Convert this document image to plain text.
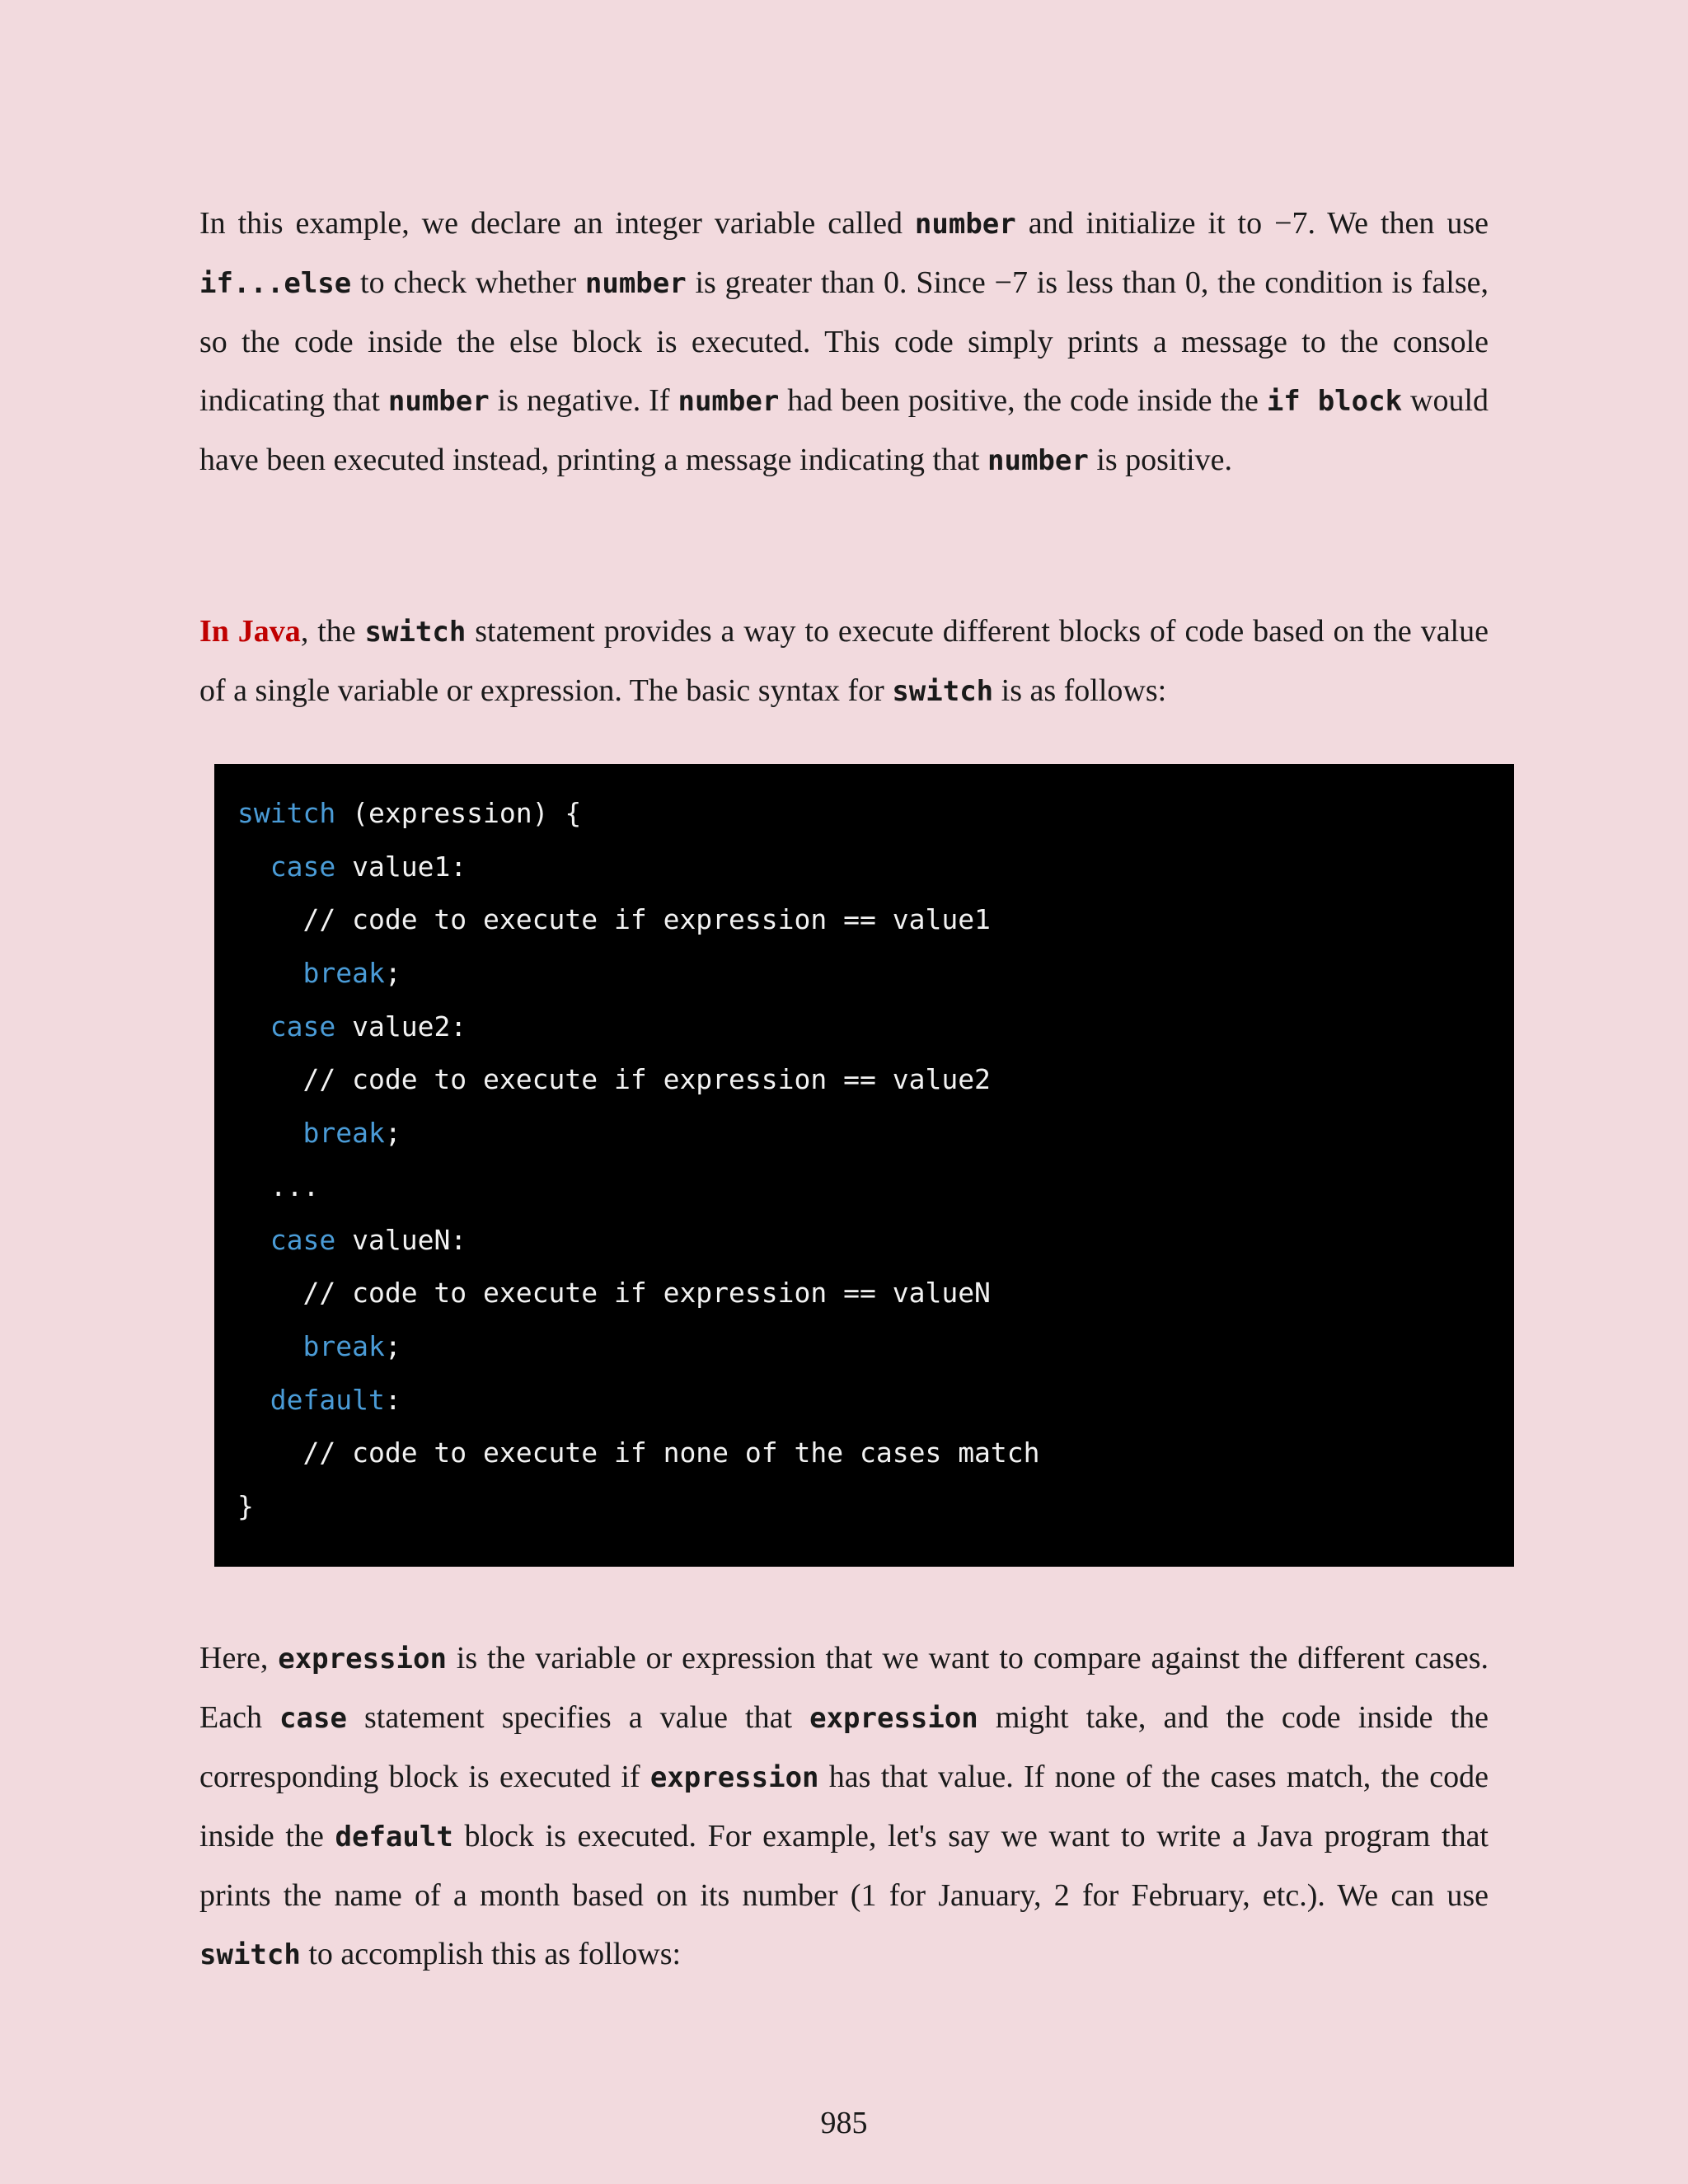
In this example, we declare an integer variable called number and initialize it to −7. We then use if...else to check whether number is greater than 0. Since −7 is less than 0, the condition is false, so the code inside the else block is executed. This code simply prints a message to the console indicating that number is negative. If number had been positive, the code inside the if block would have been executed instead, printing a message indicating that number is positive.

In Java, the switch statement provides a way to execute different blocks of code based on the value of a single variable or expression. The basic syntax for switch is as follows:

switch (expression) {
case value1:
// code to execute if expression == value1
break;
case value2:
// code to execute if expression == value2
break;
...
case valueN:
// code to execute if expression == valueN
break;
default:
// code to execute if none of the cases match
}

Here, expression is the variable or expression that we want to compare against the different cases. Each case statement specifies a value that expression might take, and the code inside the corresponding block is executed if expression has that value. If none of the cases match, the code inside the default block is executed. For example, let's say we want to write a Java program that prints the name of a month based on its number (1 for January, 2 for February, etc.). We can use switch to accomplish this as follows:

985
